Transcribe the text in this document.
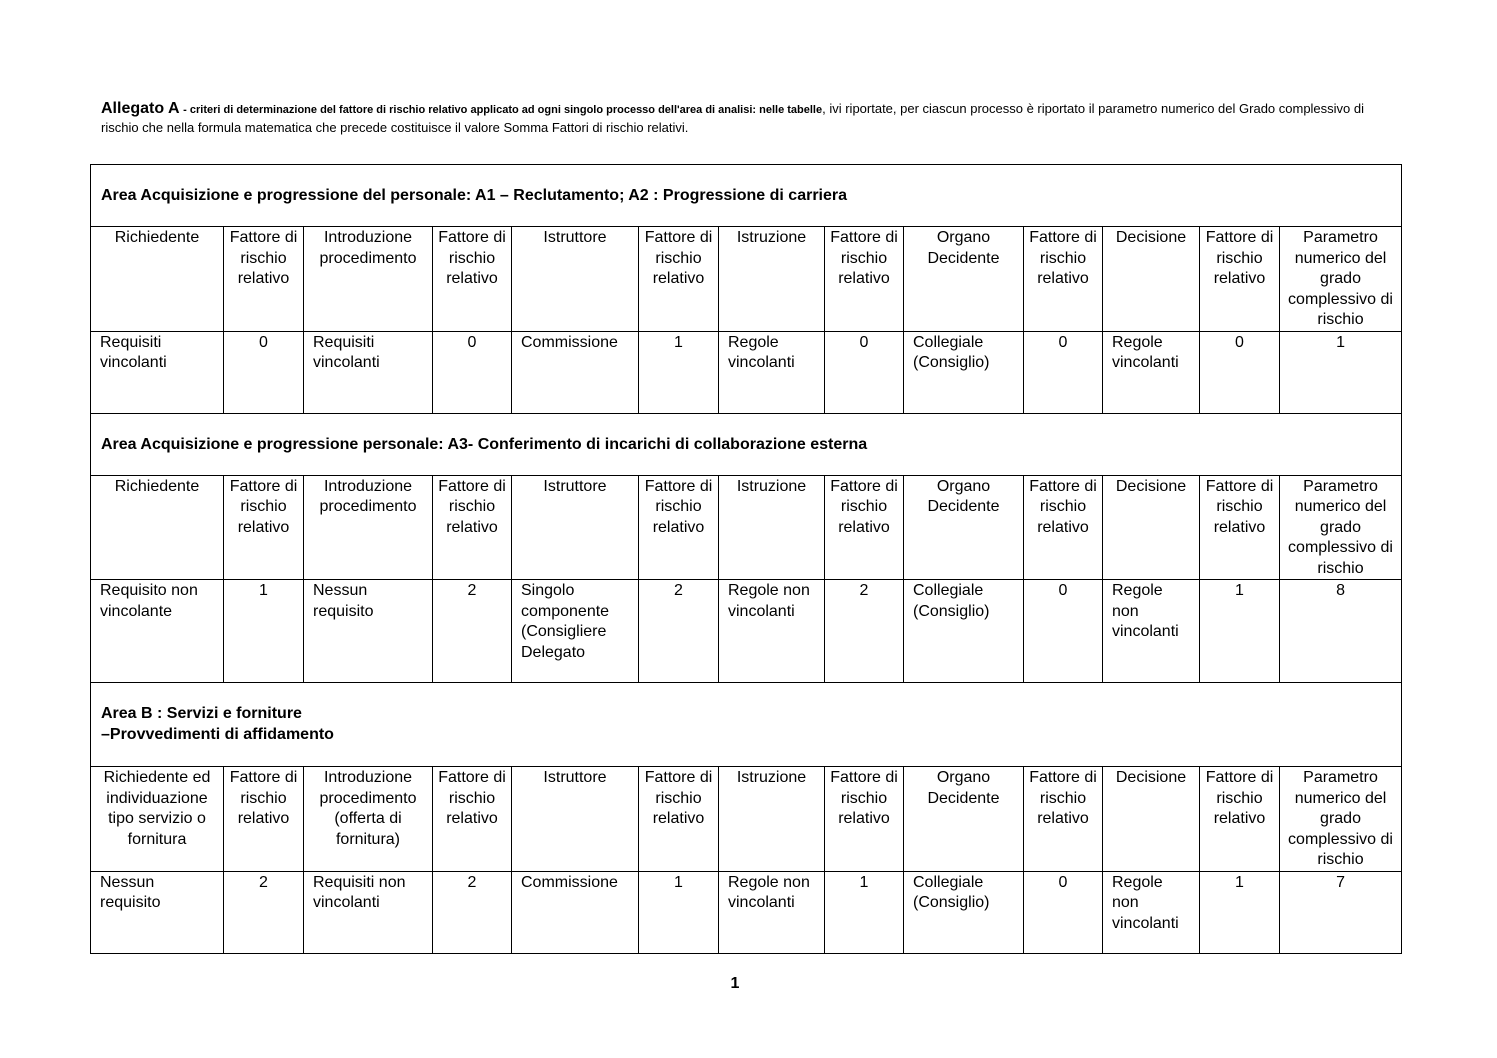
Allegato A - criteri di determinazione del fattore di rischio relativo applicato ad ogni singolo processo dell'area di analisi: nelle tabelle, ivi riportate, per ciascun processo è riportato il parametro numerico del Grado complessivo di rischio che nella formula matematica che precede costituisce il valore Somma Fattori di rischio relativi.
Area Acquisizione e progressione del personale: A1 – Reclutamento; A2 : Progressione di carriera												

Richiedente	Fattore di rischio relativo	Introduzione procedimento	Fattore di rischio relativo	Istruttore	Fattore di rischio relativo	Istruzione	Fattore di rischio relativo	Organo Decidente	Fattore di rischio relativo	Decisione	Fattore di rischio relativo	Parametro numerico del grado complessivo di rischio
Requisiti vincolanti	0	Requisiti vincolanti	0	Commissione	1	Regole vincolanti	0	Collegiale (Consiglio)	0	Regole vincolanti	0	1

Area Acquisizione e progressione personale: A3- Conferimento di incarichi di collaborazione esterna												

Richiedente	Fattore di rischio relativo	Introduzione procedimento	Fattore di rischio relativo	Istruttore	Fattore di rischio relativo	Istruzione	Fattore di rischio relativo	Organo Decidente	Fattore di rischio relativo	Decisione	Fattore di rischio relativo	Parametro numerico del grado complessivo di rischio
Requisito non vincolante	1	Nessun requisito	2	Singolo componente (Consigliere Delegato	2	Regole non vincolanti	2	Collegiale (Consiglio)	0	Regole non vincolanti	1	8

Area B : Servizi e forniture
–Provvedimenti di affidamento												

Richiedente ed individuazione tipo servizio o fornitura	Fattore di rischio relativo	Introduzione procedimento (offerta di fornitura)	Fattore di rischio relativo	Istruttore	Fattore di rischio relativo	Istruzione	Fattore di rischio relativo	Organo Decidente	Fattore di rischio relativo	Decisione	Fattore di rischio relativo	Parametro numerico del grado complessivo di rischio
Nessun requisito	2	Requisiti non vincolanti	2	Commissione	1	Regole non vincolanti	1	Collegiale (Consiglio)	0	Regole non vincolanti	1	7
1
